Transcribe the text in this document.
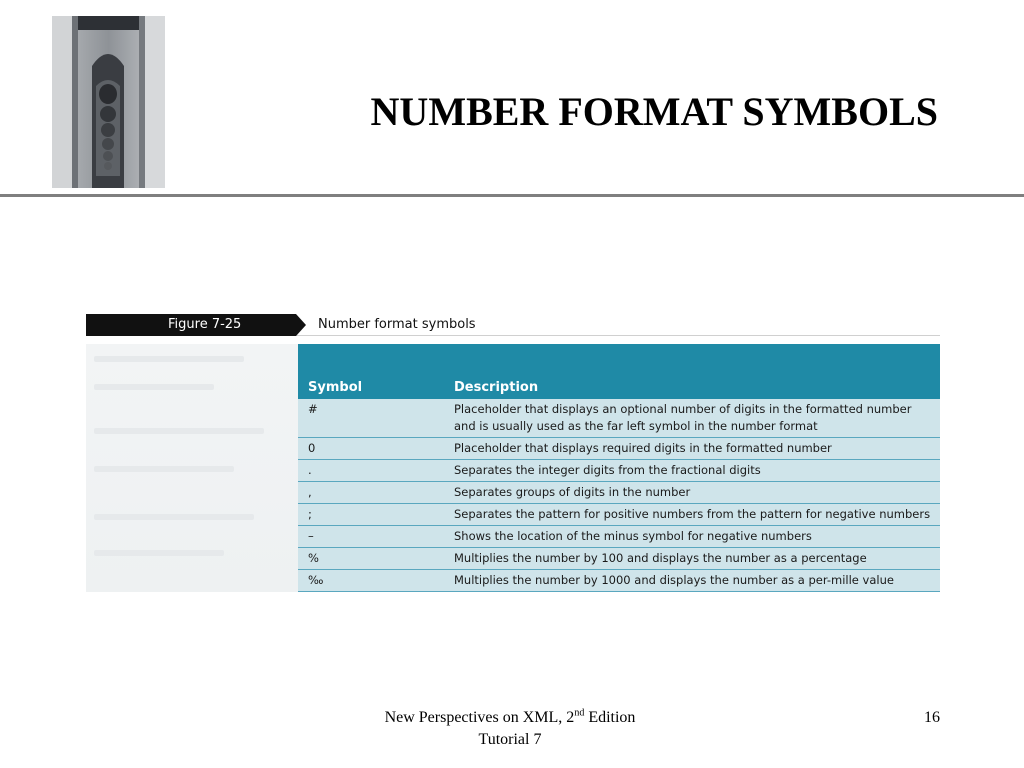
NUMBER FORMAT SYMBOLS
Figure 7-25	Number format symbols
Symbol	Description
#	Placeholder that displays an optional number of digits in the formatted number and is usually used as the far left symbol in the number format
0	Placeholder that displays required digits in the formatted number
.	Separates the integer digits from the fractional digits
,	Separates groups of digits in the number
;	Separates the pattern for positive numbers from the pattern for negative numbers
–	Shows the location of the minus symbol for negative numbers
%	Multiplies the number by 100 and displays the number as a percentage
‰	Multiplies the number by 1000 and displays the number as a per-mille value
New Perspectives on XML, 2nd Edition
Tutorial 7
16
